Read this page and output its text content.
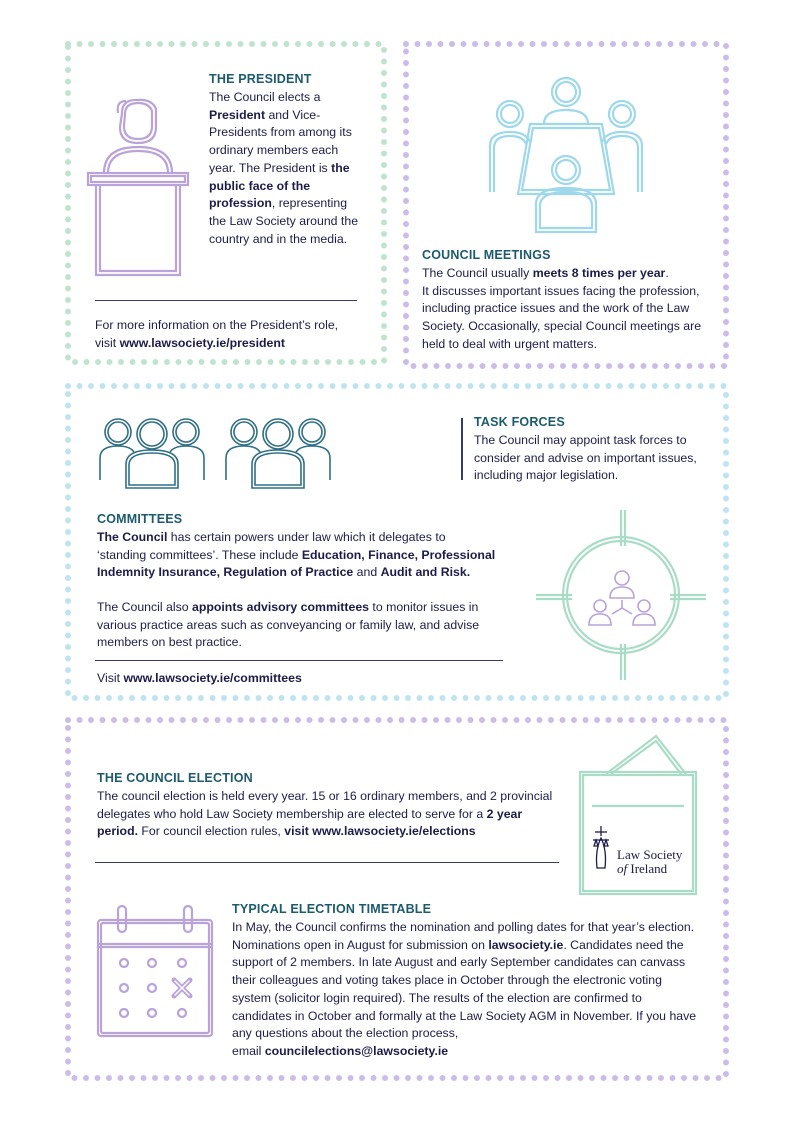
THE PRESIDENT
The Council elects a President and Vice-Presidents from among its ordinary members each year. The President is the public face of the profession, representing the Law Society around the country and in the media.
For more information on the President’s role,
visit www.lawsociety.ie/president
COUNCIL MEETINGS
The Council usually meets 8 times per year.
It discusses important issues facing the profession, including practice issues and the work of the Law Society. Occasionally, special Council meetings are held to deal with urgent matters.
TASK FORCES
The Council may appoint task forces to consider and advise on important issues, including major legislation.
COMMITTEES
The Council has certain powers under law which it delegates to ‘standing committees’. These include Education, Finance, Professional Indemnity Insurance, Regulation of Practice and Audit and Risk.
The Council also appoints advisory committees to monitor issues in various practice areas such as conveyancing or family law, and advise members on best practice.
Visit www.lawsociety.ie/committees
THE COUNCIL ELECTION
The council election is held every year. 15 or 16 ordinary members, and 2 provincial delegates who hold Law Society membership are elected to serve for a 2 year period. For council election rules, visit www.lawsociety.ie/elections
Law Society
of Ireland
TYPICAL ELECTION TIMETABLE
In May, the Council confirms the nomination and polling dates for that year’s election. Nominations open in August for submission on lawsociety.ie. Candidates need the support of 2 members. In late August and early September candidates can canvass their colleagues and voting takes place in October through the electronic voting system (solicitor login required). The results of the election are confirmed to candidates in October and formally at the Law Society AGM in November. If you have any questions about the election process,
email councilelections@lawsociety.ie
